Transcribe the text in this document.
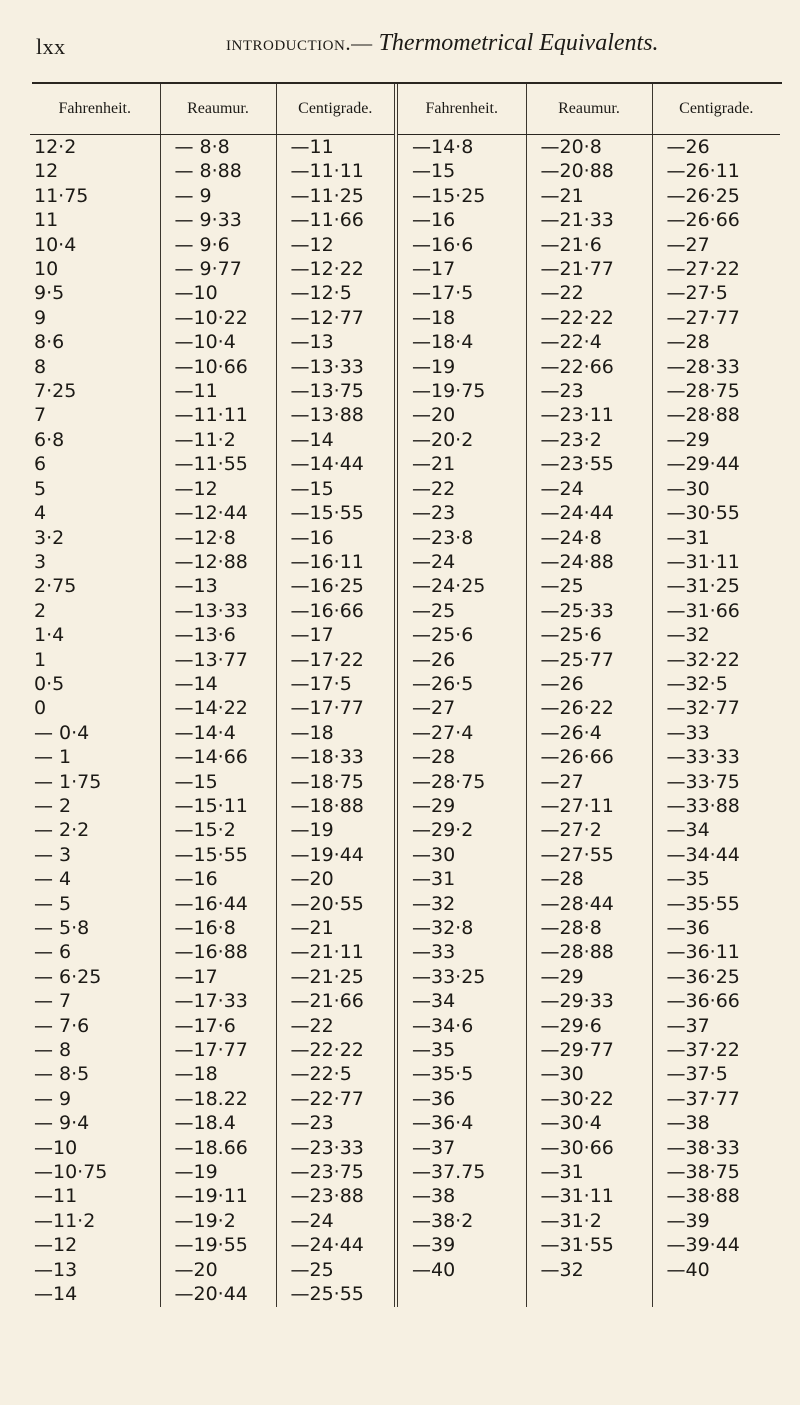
lxx	introduction.— Thermometrical Equivalents.
Fahrenheit.	Reaumur.	Centigrade.	Fahrenheit.	Reaumur.	Centigrade.
12·2	— 8·8	—11	—14·8	—20·8	—26
12	— 8·88	—11·11	—15	—20·88	—26·11
11·75	— 9	—11·25	—15·25	—21	—26·25
11	— 9·33	—11·66	—16	—21·33	—26·66
10·4	— 9·6	—12	—16·6	—21·6	—27
10	— 9·77	—12·22	—17	—21·77	—27·22
9·5	—10	—12·5	—17·5	—22	—27·5
9	—10·22	—12·77	—18	—22·22	—27·77
8·6	—10·4	—13	—18·4	—22·4	—28
8	—10·66	—13·33	—19	—22·66	—28·33
7·25	—11	—13·75	—19·75	—23	—28·75
7	—11·11	—13·88	—20	—23·11	—28·88
6·8	—11·2	—14	—20·2	—23·2	—29
6	—11·55	—14·44	—21	—23·55	—29·44
5	—12	—15	—22	—24	—30
4	—12·44	—15·55	—23	—24·44	—30·55
3·2	—12·8	—16	—23·8	—24·8	—31
3	—12·88	—16·11	—24	—24·88	—31·11
2·75	—13	—16·25	—24·25	—25	—31·25
2	—13·33	—16·66	—25	—25·33	—31·66
1·4	—13·6	—17	—25·6	—25·6	—32
1	—13·77	—17·22	—26	—25·77	—32·22
0·5	—14	—17·5	—26·5	—26	—32·5
0	—14·22	—17·77	—27	—26·22	—32·77
— 0·4	—14·4	—18	—27·4	—26·4	—33
— 1	—14·66	—18·33	—28	—26·66	—33·33
— 1·75	—15	—18·75	—28·75	—27	—33·75
— 2	—15·11	—18·88	—29	—27·11	—33·88
— 2·2	—15·2	—19	—29·2	—27·2	—34
— 3	—15·55	—19·44	—30	—27·55	—34·44
— 4	—16	—20	—31	—28	—35
— 5	—16·44	—20·55	—32	—28·44	—35·55
— 5·8	—16·8	—21	—32·8	—28·8	—36
— 6	—16·88	—21·11	—33	—28·88	—36·11
— 6·25	—17	—21·25	—33·25	—29	—36·25
— 7	—17·33	—21·66	—34	—29·33	—36·66
— 7·6	—17·6	—22	—34·6	—29·6	—37
— 8	—17·77	—22·22	—35	—29·77	—37·22
— 8·5	—18	—22·5	—35·5	—30	—37·5
— 9	—18.22	—22·77	—36	—30·22	—37·77
— 9·4	—18.4	—23	—36·4	—30·4	—38
—10	—18.66	—23·33	—37	—30·66	—38·33
—10·75	—19	—23·75	—37.75	—31	—38·75
—11	—19·11	—23·88	—38	—31·11	—38·88
—11·2	—19·2	—24	—38·2	—31·2	—39
—12	—19·55	—24·44	—39	—31·55	—39·44
—13	—20	—25	—40	—32	—40
—14	—20·44	—25·55			
